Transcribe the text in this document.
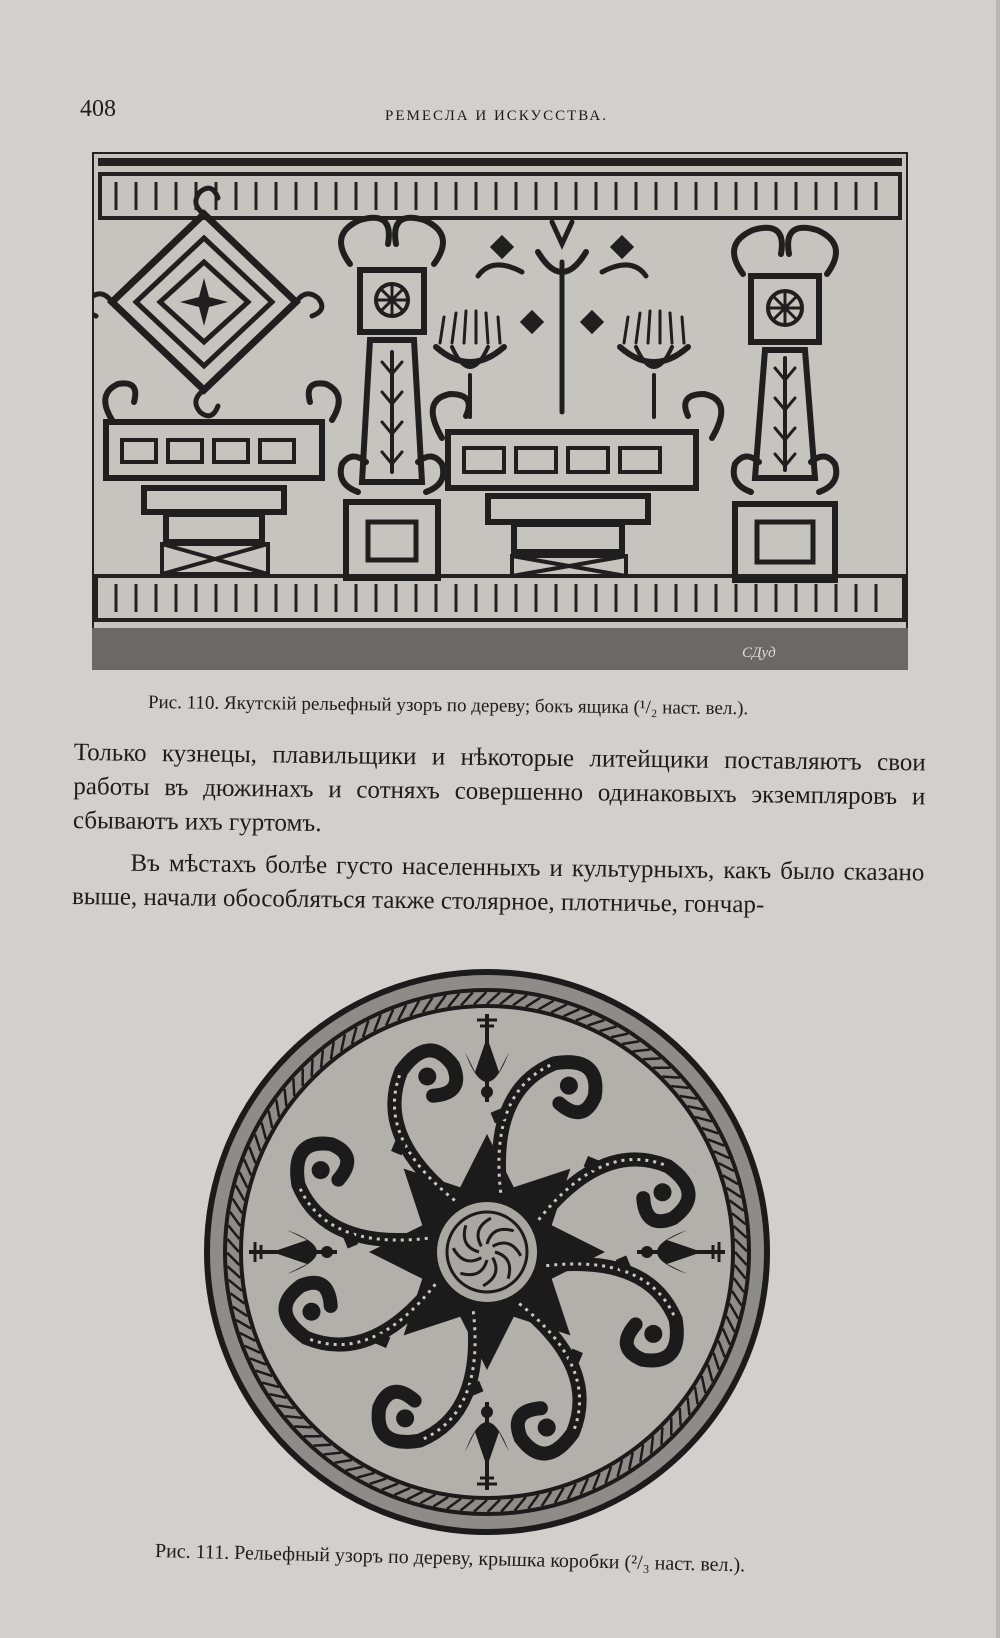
408	РЕМЕСЛА И ИСКУССТВА.
СДуд
Рис. 110. Якутскій рельефный узоръ по дереву; бокъ ящика (¹/₂ наст. вел.).

Только кузнецы, плавильщики и нѣкоторые литейщики поставляютъ свои работы въ дюжинахъ и сотняхъ совершенно одинаковыхъ экземпляровъ и сбываютъ ихъ гуртомъ.

Въ мѣстахъ болѣе густо населенныхъ и культурныхъ, какъ было сказано выше, начали обособляться также столярное, плотничье, гончар-

Рис. 111. Рельефный узоръ по дереву, крышка коробки (²/₃ наст. вел.).
